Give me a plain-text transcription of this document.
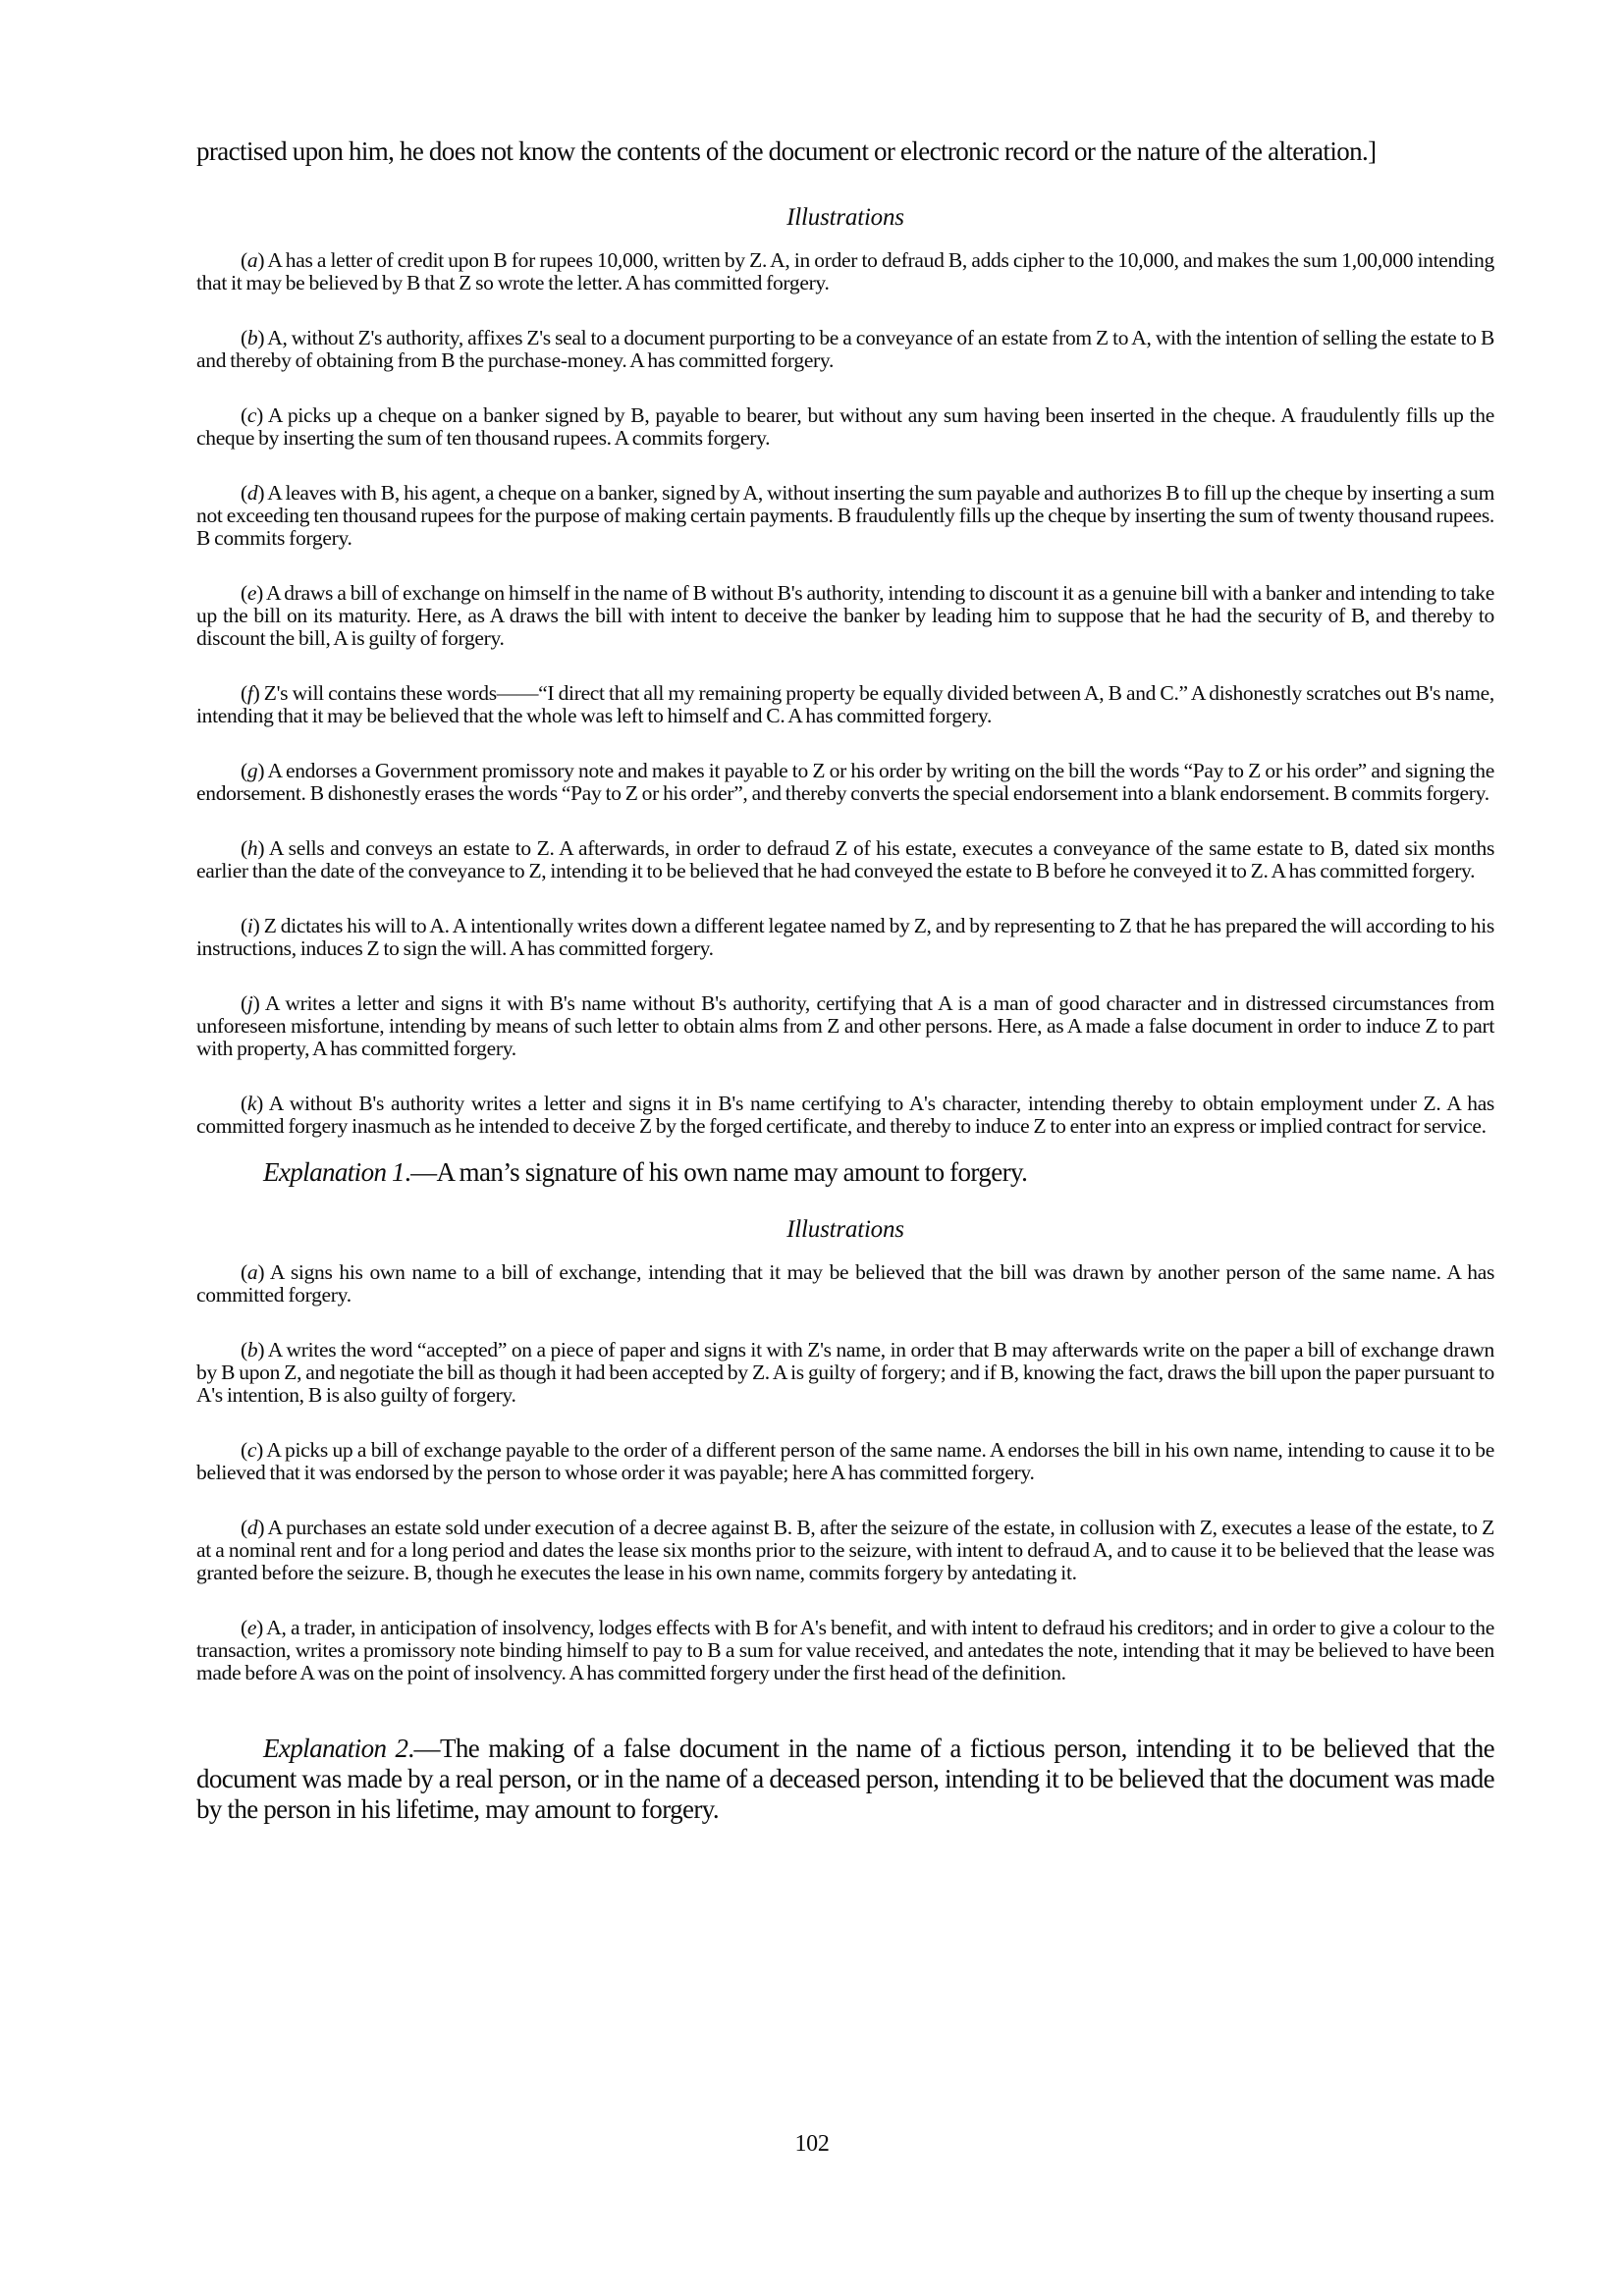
practised upon him, he does not know the contents of the document or electronic record or the nature of the alteration.]

Illustrations

(a) A has a letter of credit upon B for rupees 10,000, written by Z. A, in order to defraud B, adds cipher to the 10,000, and makes the sum 1,00,000 intending that it may be believed by B that Z so wrote the letter. A has committed forgery.

(b) A, without Z's authority, affixes Z's seal to a document purporting to be a conveyance of an estate from Z to A, with the intention of selling the estate to B and thereby of obtaining from B the purchase-money. A has committed forgery.

(c) A picks up a cheque on a banker signed by B, payable to bearer, but without any sum having been inserted in the cheque. A fraudulently fills up the cheque by inserting the sum of ten thousand rupees. A commits forgery.

(d) A leaves with B, his agent, a cheque on a banker, signed by A, without inserting the sum payable and authorizes B to fill up the cheque by inserting a sum not exceeding ten thousand rupees for the purpose of making certain payments. B fraudulently fills up the cheque by inserting the sum of twenty thousand rupees. B commits forgery.

(e) A draws a bill of exchange on himself in the name of B without B's authority, intending to discount it as a genuine bill with a banker and intending to take up the bill on its maturity. Here, as A draws the bill with intent to deceive the banker by leading him to suppose that he had the security of B, and thereby to discount the bill, A is guilty of forgery.

(f) Z's will contains these words——“I direct that all my remaining property be equally divided between A, B and C.” A dishonestly scratches out B's name, intending that it may be believed that the whole was left to himself and C. A has committed forgery.

(g) A endorses a Government promissory note and makes it payable to Z or his order by writing on the bill the words “Pay to Z or his order” and signing the endorsement. B dishonestly erases the words “Pay to Z or his order”, and thereby converts the special endorsement into a blank endorsement. B commits forgery.

(h) A sells and conveys an estate to Z. A afterwards, in order to defraud Z of his estate, executes a conveyance of the same estate to B, dated six months earlier than the date of the conveyance to Z, intending it to be believed that he had conveyed the estate to B before he conveyed it to Z. A has committed forgery.

(i) Z dictates his will to A. A intentionally writes down a different legatee named by Z, and by representing to Z that he has prepared the will according to his instructions, induces Z to sign the will. A has committed forgery.

(j) A writes a letter and signs it with B's name without B's authority, certifying that A is a man of good character and in distressed circumstances from unforeseen misfortune, intending by means of such letter to obtain alms from Z and other persons. Here, as A made a false document in order to induce Z to part with property, A has committed forgery.

(k) A without B's authority writes a letter and signs it in B's name certifying to A's character, intending thereby to obtain employment under Z. A has committed forgery inasmuch as he intended to deceive Z by the forged certificate, and thereby to induce Z to enter into an express or implied contract for service.

Explanation 1.—A man’s signature of his own name may amount to forgery.

Illustrations

(a) A signs his own name to a bill of exchange, intending that it may be believed that the bill was drawn by another person of the same name. A has committed forgery.

(b) A writes the word “accepted” on a piece of paper and signs it with Z's name, in order that B may afterwards write on the paper a bill of exchange drawn by B upon Z, and negotiate the bill as though it had been accepted by Z. A is guilty of forgery; and if B, knowing the fact, draws the bill upon the paper pursuant to A's intention, B is also guilty of forgery.

(c) A picks up a bill of exchange payable to the order of a different person of the same name. A endorses the bill in his own name, intending to cause it to be believed that it was endorsed by the person to whose order it was payable; here A has committed forgery.

(d) A purchases an estate sold under execution of a decree against B. B, after the seizure of the estate, in collusion with Z, executes a lease of the estate, to Z at a nominal rent and for a long period and dates the lease six months prior to the seizure, with intent to defraud A, and to cause it to be believed that the lease was granted before the seizure. B, though he executes the lease in his own name, commits forgery by antedating it.

(e) A, a trader, in anticipation of insolvency, lodges effects with B for A's benefit, and with intent to defraud his creditors; and in order to give a colour to the transaction, writes a promissory note binding himself to pay to B a sum for value received, and antedates the note, intending that it may be believed to have been made before A was on the point of insolvency. A has committed forgery under the first head of the definition.

Explanation 2.—The making of a false document in the name of a fictious person, intending it to be believed that the document was made by a real person, or in the name of a deceased person, intending it to be believed that the document was made by the person in his lifetime, may amount to forgery.

102
